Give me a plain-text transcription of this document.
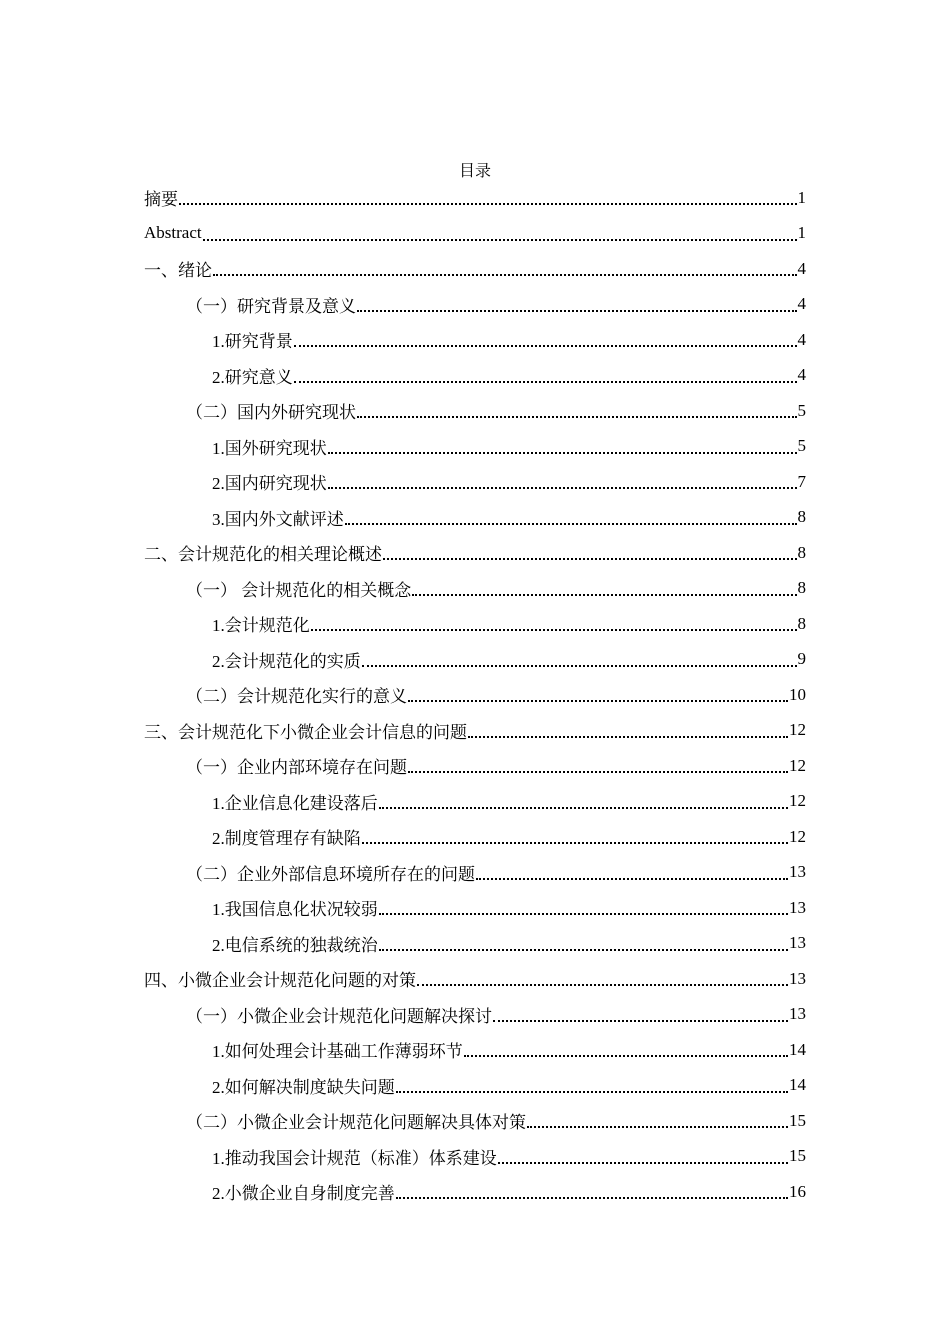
目录
摘要	1
Abstract	1
一、绪论	4
（一）研究背景及意义	4
1.研究背景	4
2.研究意义	4
（二）国内外研究现状	5
1.国外研究现状	5
2.国内研究现状	7
3.国内外文献评述	8
二、会计规范化的相关理论概述	8
（一） 会计规范化的相关概念	8
1.会计规范化	8
2.会计规范化的实质	9
（二）会计规范化实行的意义	10
三、会计规范化下小微企业会计信息的问题	12
（一）企业内部环境存在问题	12
1.企业信息化建设落后	12
2.制度管理存有缺陷	12
（二）企业外部信息环境所存在的问题	13
1.我国信息化状况较弱	13
2.电信系统的独裁统治	13
四、小微企业会计规范化问题的对策	13
（一）小微企业会计规范化问题解决探讨	13
1.如何处理会计基础工作薄弱环节	14
2.如何解决制度缺失问题	14
（二）小微企业会计规范化问题解决具体对策	15
1.推动我国会计规范（标准）体系建设	15
2.小微企业自身制度完善	16
